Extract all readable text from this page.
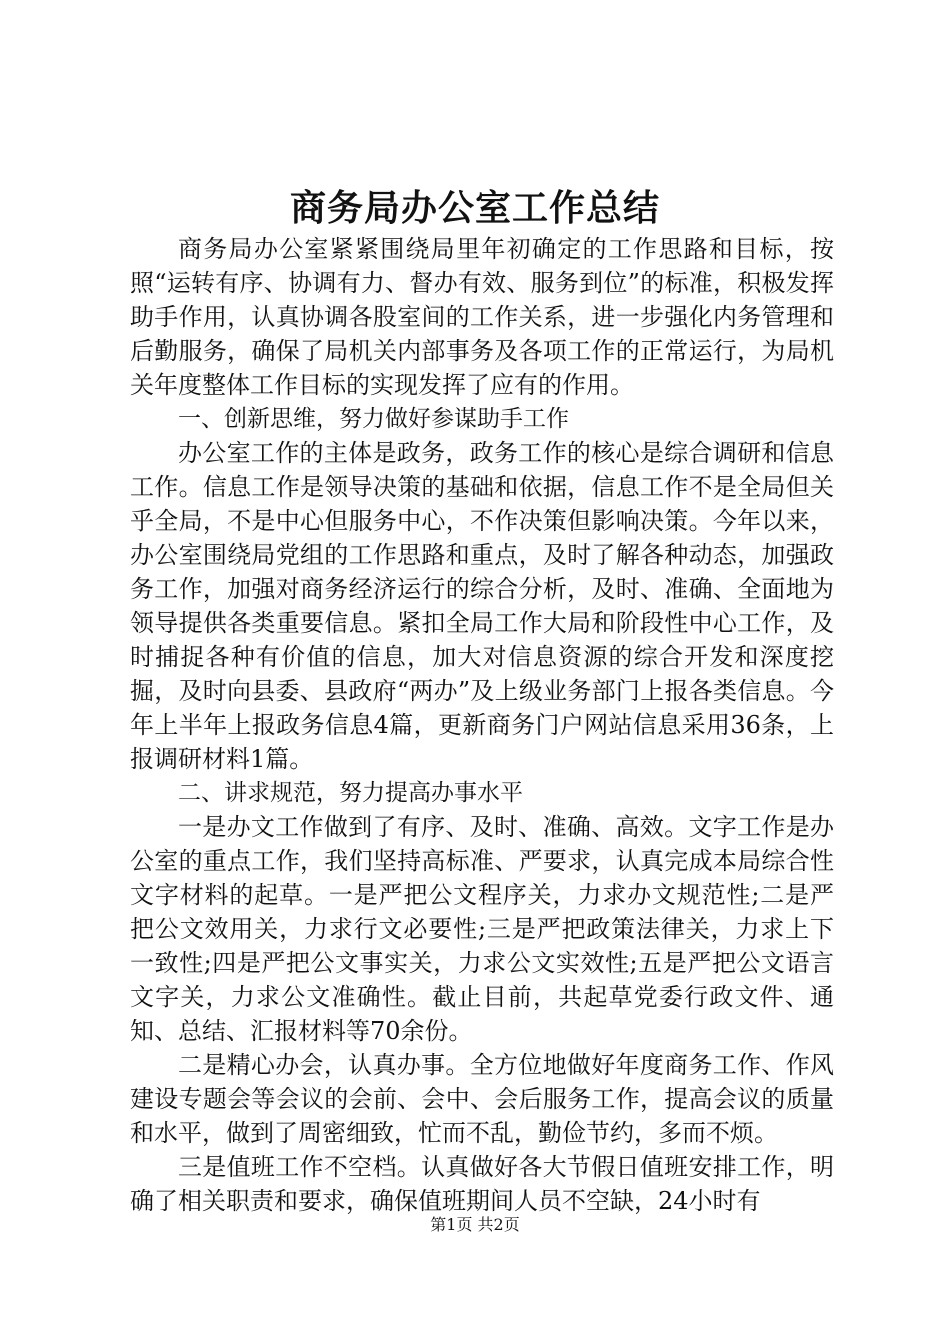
商务局办公室工作总结

商务局办公室紧紧围绕局里年初确定的工作思路和目标，按照“运转有序、协调有力、督办有效、服务到位”的标准，积极发挥助手作用，认真协调各股室间的工作关系，进一步强化内务管理和后勤服务，确保了局机关内部事务及各项工作的正常运行，为局机关年度整体工作目标的实现发挥了应有的作用。

一、创新思维，努力做好参谋助手工作

办公室工作的主体是政务，政务工作的核心是综合调研和信息工作。信息工作是领导决策的基础和依据，信息工作不是全局但关乎全局，不是中心但服务中心，不作决策但影响决策。今年以来，办公室围绕局党组的工作思路和重点，及时了解各种动态，加强政务工作，加强对商务经济运行的综合分析，及时、准确、全面地为领导提供各类重要信息。紧扣全局工作大局和阶段性中心工作，及时捕捉各种有价值的信息，加大对信息资源的综合开发和深度挖掘，及时向县委、县政府“两办”及上级业务部门上报各类信息。今年上半年上报政务信息4篇，更新商务门户网站信息采用36条，上报调研材料1篇。

二、讲求规范，努力提高办事水平

一是办文工作做到了有序、及时、准确、高效。文字工作是办公室的重点工作，我们坚持高标准、严要求，认真完成本局综合性文字材料的起草。一是严把公文程序关，力求办文规范性;二是严把公文效用关，力求行文必要性;三是严把政策法律关，力求上下一致性;四是严把公文事实关，力求公文实效性;五是严把公文语言文字关，力求公文准确性。截止目前，共起草党委行政文件、通知、总结、汇报材料等70余份。

二是精心办会，认真办事。全方位地做好年度商务工作、作风建设专题会等会议的会前、会中、会后服务工作，提高会议的质量和水平，做到了周密细致，忙而不乱，勤俭节约，多而不烦。

三是值班工作不空档。认真做好各大节假日值班安排工作，明确了相关职责和要求，确保值班期间人员不空缺，24小时有

第1页 共2页
